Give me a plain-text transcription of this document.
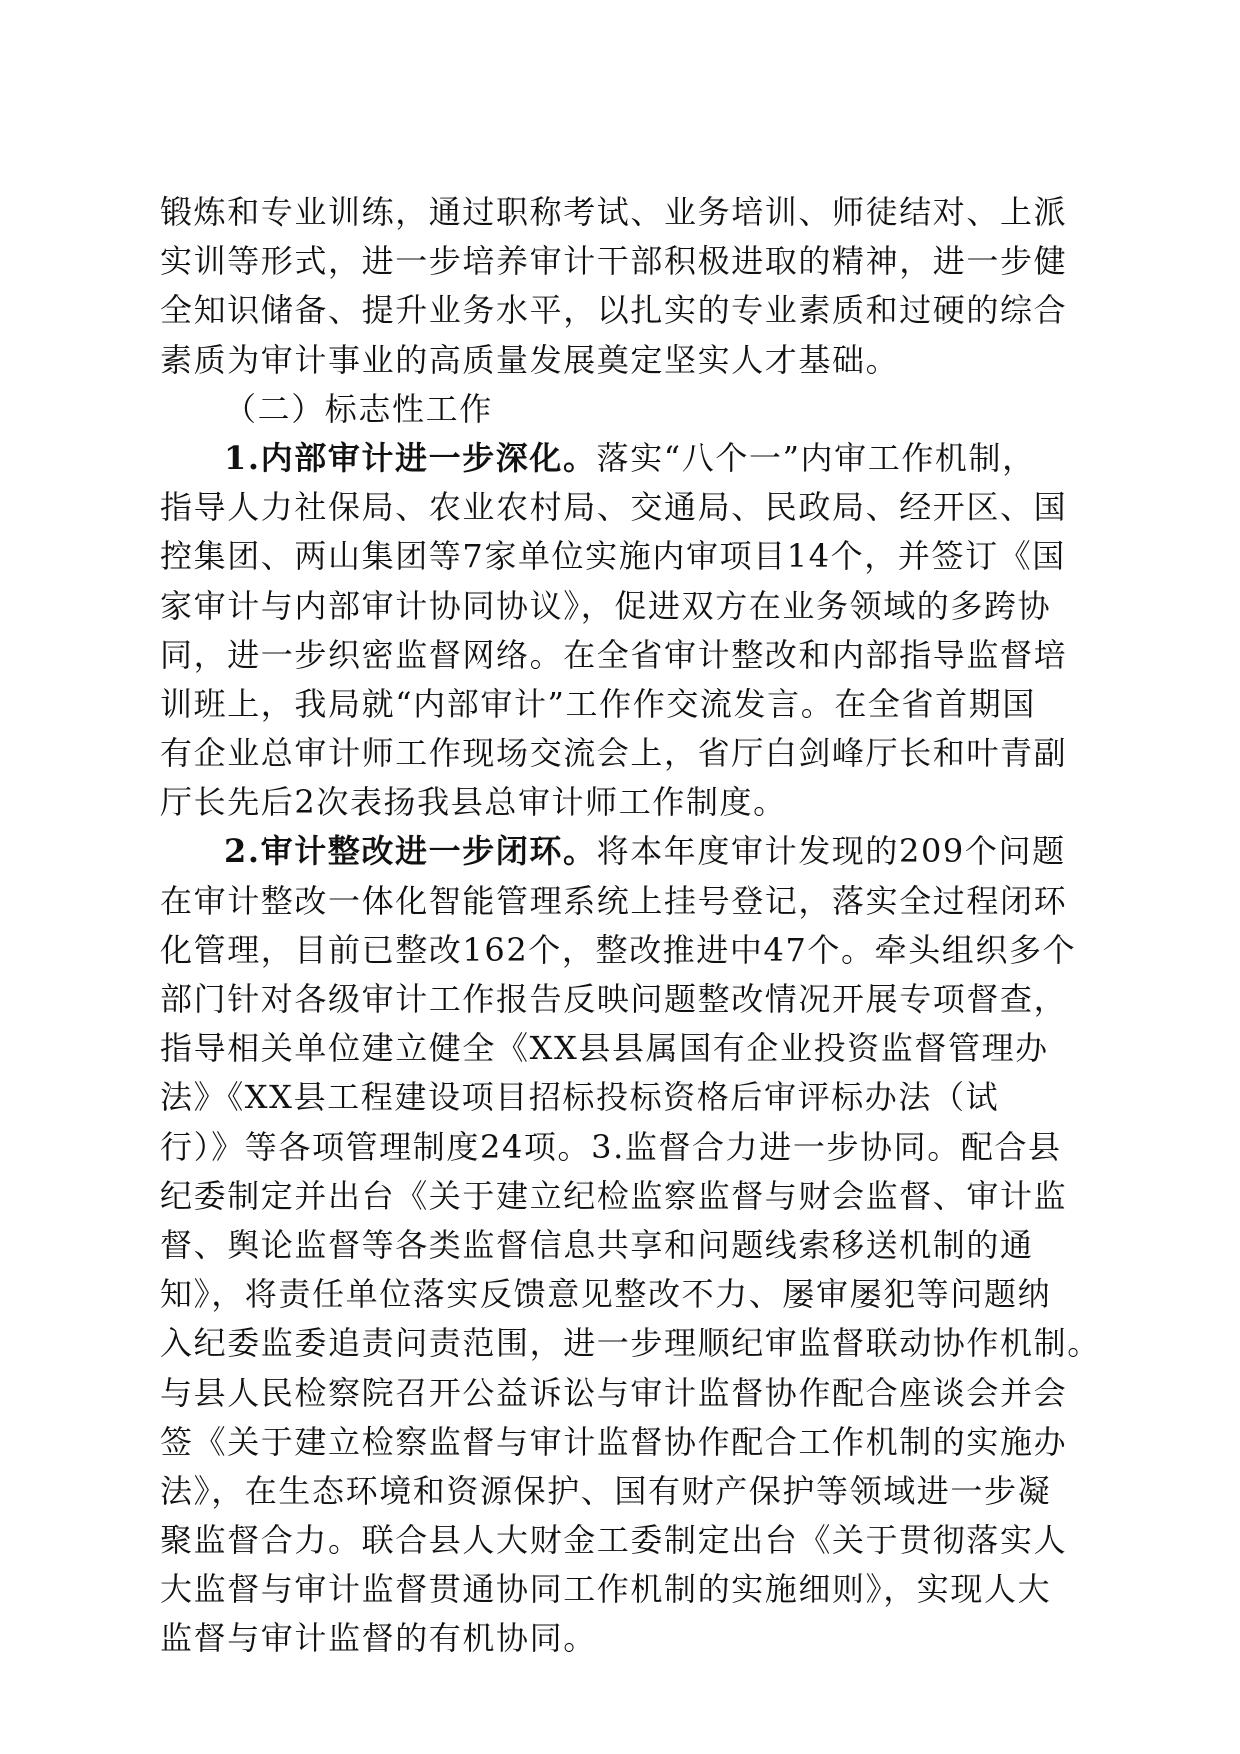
锻炼和专业训练，通过职称考试、业务培训、师徒结对、上派
实训等形式，进一步培养审计干部积极进取的精神，进一步健
全知识储备、提升业务水平，以扎实的专业素质和过硬的综合
素质为审计事业的高质量发展奠定坚实人才基础。
（二）标志性工作
1.内部审计进一步深化。落实“八个一”内审工作机制，
指导人力社保局、农业农村局、交通局、民政局、经开区、国
控集团、两山集团等7家单位实施内审项目14个，并签订《国
家审计与内部审计协同协议》，促进双方在业务领域的多跨协
同，进一步织密监督网络。在全省审计整改和内部指导监督培
训班上，我局就“内部审计”工作作交流发言。在全省首期国
有企业总审计师工作现场交流会上，省厅白剑峰厅长和叶青副
厅长先后2次表扬我县总审计师工作制度。
2.审计整改进一步闭环。将本年度审计发现的209个问题
在审计整改一体化智能管理系统上挂号登记，落实全过程闭环
化管理，目前已整改162个，整改推进中47个。牵头组织多个
部门针对各级审计工作报告反映问题整改情况开展专项督查，
指导相关单位建立健全《XX县县属国有企业投资监督管理办
法》《XX县工程建设项目招标投标资格后审评标办法（试
行）》等各项管理制度24项。3.监督合力进一步协同。配合县
纪委制定并出台《关于建立纪检监察监督与财会监督、审计监
督、舆论监督等各类监督信息共享和问题线索移送机制的通
知》，将责任单位落实反馈意见整改不力、屡审屡犯等问题纳
入纪委监委追责问责范围，进一步理顺纪审监督联动协作机制。
与县人民检察院召开公益诉讼与审计监督协作配合座谈会并会
签《关于建立检察监督与审计监督协作配合工作机制的实施办
法》，在生态环境和资源保护、国有财产保护等领域进一步凝
聚监督合力。联合县人大财金工委制定出台《关于贯彻落实人
大监督与审计监督贯通协同工作机制的实施细则》，实现人大
监督与审计监督的有机协同。
